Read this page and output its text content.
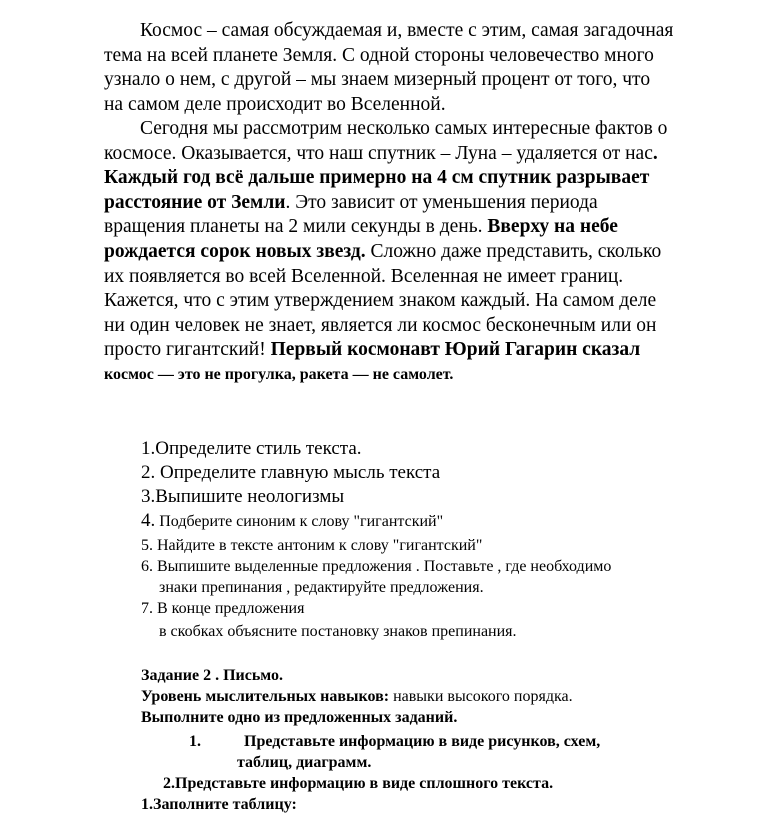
Космос – самая обсуждаемая и, вместе с этим, самая загадочная
тема на всей планете Земля. С одной стороны человечество много
узнало о нем, с другой – мы знаем мизерный процент от того, что
на самом деле происходит во Вселенной.
Сегодня мы рассмотрим несколько самых интересные фактов о
космосе. Оказывается, что наш спутник – Луна – удаляется от нас.
Каждый год всё дальше примерно на 4 см спутник разрывает
расстояние от Земли. Это зависит от уменьшения периода
вращения планеты на 2 мили секунды в день. Вверху на небе
рождается сорок новых звезд. Сложно даже представить, сколько
их появляется во всей Вселенной. Вселенная не имеет границ.
Кажется, что с этим утверждением знаком каждый. На самом деле
ни один человек не знает, является ли космос бесконечным или он
просто гигантский! Первый космонавт Юрий Гагарин сказал
космос — это не прогулка, ракета — не самолет.
1.Определите стиль текста.
2. Определите главную мысль текста
3.Выпишите неологизмы
4. Подберите синоним к слову "гигантский"
5. Найдите в тексте антоним к слову "гигантский"
6. Выпишите выделенные предложения . Поставьте , где необходимо
знаки препинания , редактируйте предложения.
7. В конце предложения
в скобках объясните постановку знаков препинания.
Задание 2 . Письмо.
Уровень мыслительных навыков: навыки высокого порядка.
Выполните одно из предложенных заданий.
1.	Представьте информацию в виде рисунков, схем,
таблиц, диаграмм.
2.Представьте информацию в виде сплошного текста.
1.Заполните таблицу:
